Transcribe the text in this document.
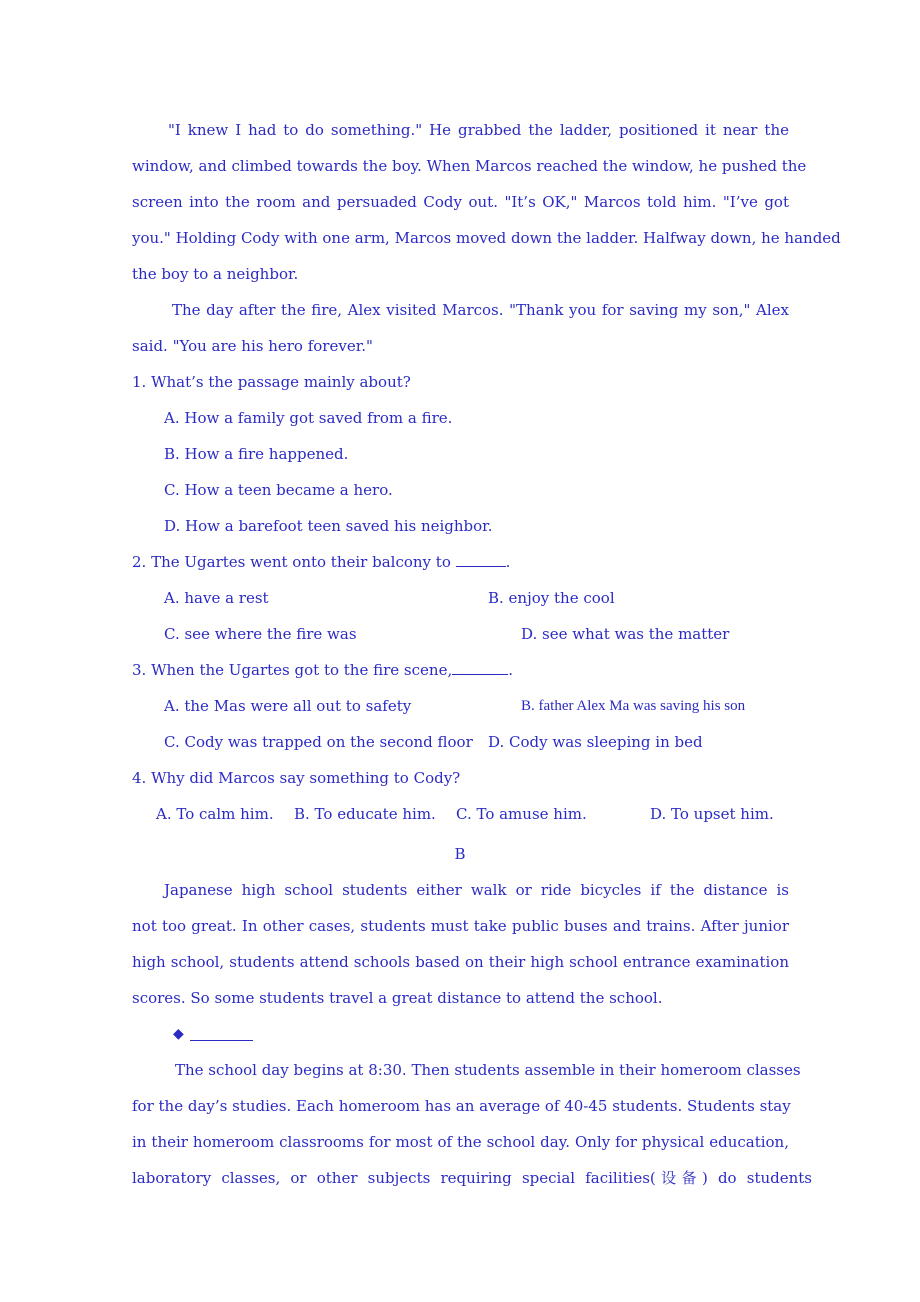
"I knew I had to do something." He grabbed the ladder, positioned it near the
window, and climbed towards the boy. When Marcos reached the window, he pushed the
screen into the room and persuaded Cody out. "It’s OK," Marcos told him. "I’ve got
you." Holding Cody with one arm, Marcos moved down the ladder. Halfway down, he handed
the boy to a neighbor.
The day after the fire, Alex visited Marcos. "Thank you for saving my son," Alex
said. "You are his hero forever."
1. What’s the passage mainly about?
A. How a family got saved from a fire.
B. How a fire happened.
C. How a teen became a hero.
D. How a barefoot teen saved his neighbor.
2. The Ugartes went onto their balcony to	.
A. have a rest	B. enjoy the cool
C. see where the fire was	D. see what was the matter
3. When the Ugartes got to the fire scene,	.
A. the Mas were all out to safety	B. father Alex Ma was saving his son
C. Cody was trapped on the second floor D. Cody was sleeping in bed
4. Why did Marcos say something to Cody?
A. To calm him. B. To educate him. C. To amuse him.	D. To upset him.
B
Japanese high school students either walk or ride bicycles if the distance is
not too great. In other cases, students must take public buses and trains. After junior
high school, students attend schools based on their high school entrance examination
scores. So some students travel a great distance to attend the school.
◆
The school day begins at 8:30. Then students assemble in their homeroom classes
for the day’s studies. Each homeroom has an average of 40-45 students. Students stay
in their homeroom classrooms for most of the school day. Only for physical education,
laboratory classes, or other subjects requiring special facilities(设备) do students
